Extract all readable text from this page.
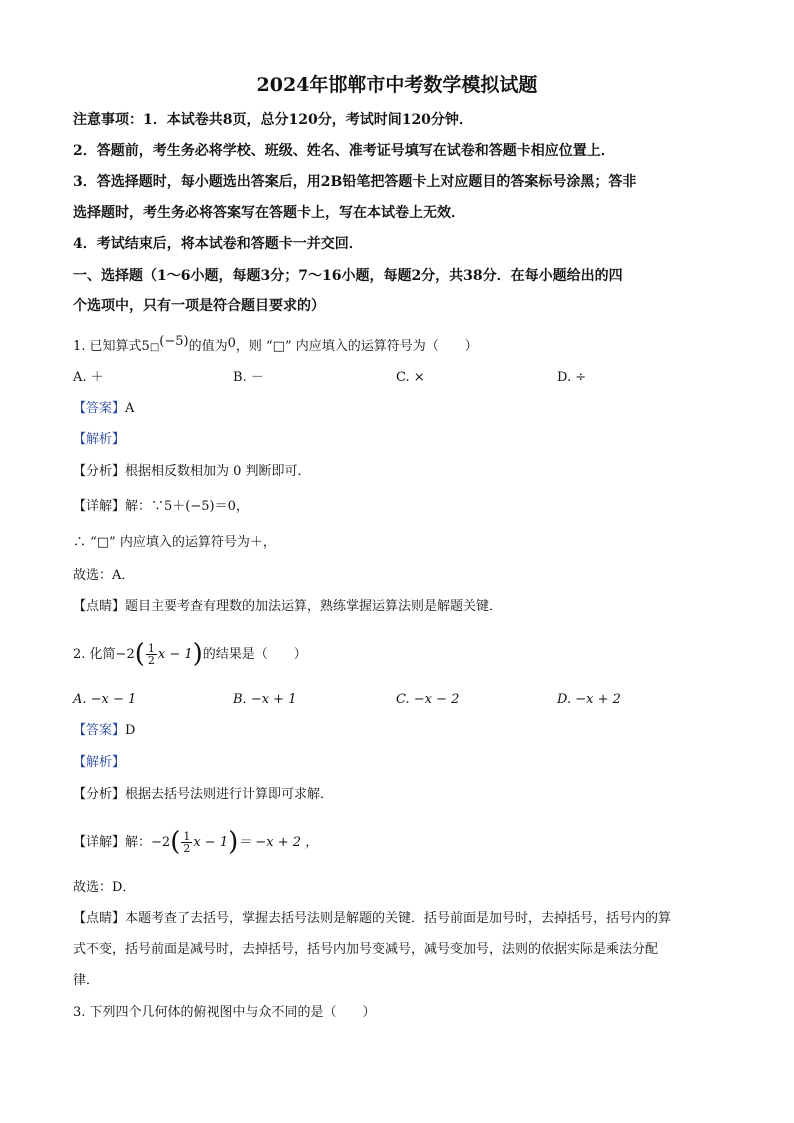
2024年邯郸市中考数学模拟试题
注意事项：1．本试卷共8页，总分120分，考试时间120分钟．
2．答题前，考生务必将学校、班级、姓名、准考证号填写在试卷和答题卡相应位置上．
3．答选择题时，每小题选出答案后，用2B铅笔把答题卡上对应题目的答案标号涂黑；答非
选择题时，考生务必将答案写在答题卡上，写在本试卷上无效．
4．考试结束后，将本试卷和答题卡一并交回．
一、选择题（1～6小题，每题3分；7～16小题，每题2分，共38分．在每小题给出的四
个选项中，只有一项是符合题目要求的）
1. 已知算式5□(−5)的值为0，则 “□” 内应填入的运算符号为（　　）
A. ＋	B. －	C. ×	D. ÷
【答案】A
【解析】
【分析】根据相反数相加为 0 判断即可．
【详解】解：∵5＋(−5)＝0，
∴ “□” 内应填入的运算符号为＋，
故选：A．
【点睛】题目主要考查有理数的加法运算，熟练掌握运算法则是解题关键．
2. 化简$-2( \frac{1}{2}$ x − 1)的结果是（　　）
A. −x − 1	B. −x + 1	C. −x − 2	D. −x + 2
【答案】D
【解析】
【分析】根据去括号法则进行计算即可求解．
【详解】解：$-2( \frac{1}{2}$ x − 1)＝ −x + 2 ，
故选：D．
【点睛】本题考查了去括号，掌握去括号法则是解题的关键．括号前面是加号时，去掉括号，括号内的算
式不变，括号前面是减号时，去掉括号，括号内加号变减号，减号变加号，法则的依据实际是乘法分配
律．
3. 下列四个几何体的俯视图中与众不同的是（　　）
